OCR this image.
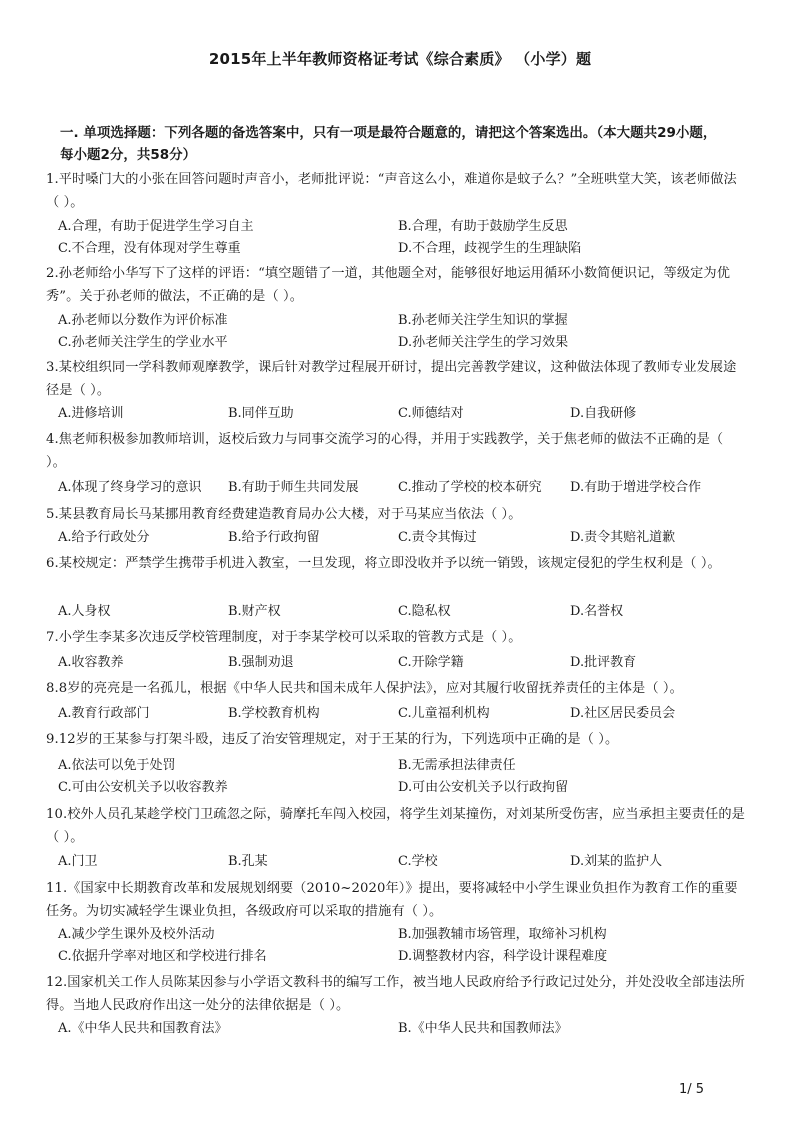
2015年上半年教师资格证考试《综合素质》 （小学）题
一. 单项选择题：下列各题的备选答案中，只有一项是最符合题意的，请把这个答案选出。（本大题共29小题，每小题2分，共58分）
1.平时嗓门大的小张在回答问题时声音小，老师批评说：“声音这么小，难道你是蚊子么？”全班哄堂大笑，该老师做法（ ）。
A.合理，有助于促进学生学习自主	B.合理，有助于鼓励学生反思
C.不合理，没有体现对学生尊重	D.不合理，歧视学生的生理缺陷
2.孙老师给小华写下了这样的评语：“填空题错了一道，其他题全对，能够很好地运用循环小数简便识记，等级定为优秀”。关于孙老师的做法，不正确的是（ ）。
A.孙老师以分数作为评价标准	B.孙老师关注学生知识的掌握
C.孙老师关注学生的学业水平	D.孙老师关注学生的学习效果
3.某校组织同一学科教师观摩教学，课后针对教学过程展开研讨，提出完善教学建议，这种做法体现了教师专业发展途径是（ ）。
A.进修培训	B.同伴互助	C.师德结对	D.自我研修
4.焦老师积极参加教师培训，返校后致力与同事交流学习的心得，并用于实践教学，关于焦老师的做法不正确的是（ ）。
A.体现了终身学习的意识 B.有助于师生共同发展	C.推动了学校的校本研究 D.有助于增进学校合作
5.某县教育局长马某挪用教育经费建造教育局办公大楼，对于马某应当依法（ ）。
A.给予行政处分	B.给予行政拘留	C.责令其悔过	D.责令其赔礼道歉
6.某校规定：严禁学生携带手机进入教室，一旦发现，将立即没收并予以统一销毁，该规定侵犯的学生权利是（ ）。
A.人身权	B.财产权	C.隐私权	D.名誉权
7.小学生李某多次违反学校管理制度，对于李某学校可以采取的管教方式是（ ）。
A.收容教养	B.强制劝退	C.开除学籍	D.批评教育
8.8岁的亮亮是一名孤儿，根据《中华人民共和国未成年人保护法》，应对其履行收留抚养责任的主体是（ ）。
A.教育行政部门	B.学校教育机构	C.儿童福利机构	D.社区居民委员会
9.12岁的王某参与打架斗殴，违反了治安管理规定，对于王某的行为，下列选项中正确的是（ ）。
A.依法可以免于处罚	B.无需承担法律责任
C.可由公安机关予以收容教养	D.可由公安机关予以行政拘留
10.校外人员孔某趁学校门卫疏忽之际，骑摩托车闯入校园，将学生刘某撞伤，对刘某所受伤害，应当承担主要责任的是（ ）。
A.门卫	B.孔某	C.学校	D.刘某的监护人
11.《国家中长期教育改革和发展规划纲要（2010~2020年）》提出，要将减轻中小学生课业负担作为教育工作的重要任务。为切实减轻学生课业负担，各级政府可以采取的措施有（ ）。
A.减少学生课外及校外活动	B.加强教辅市场管理，取缔补习机构
C.依据升学率对地区和学校进行排名	D.调整教材内容，科学设计课程难度
12.国家机关工作人员陈某因参与小学语文教科书的编写工作，被当地人民政府给予行政记过处分，并处没收全部违法所得。当地人民政府作出这一处分的法律依据是（ ）。
A.《中华人民共和国教育法》	B.《中华人民共和国教师法》
1/ 5
